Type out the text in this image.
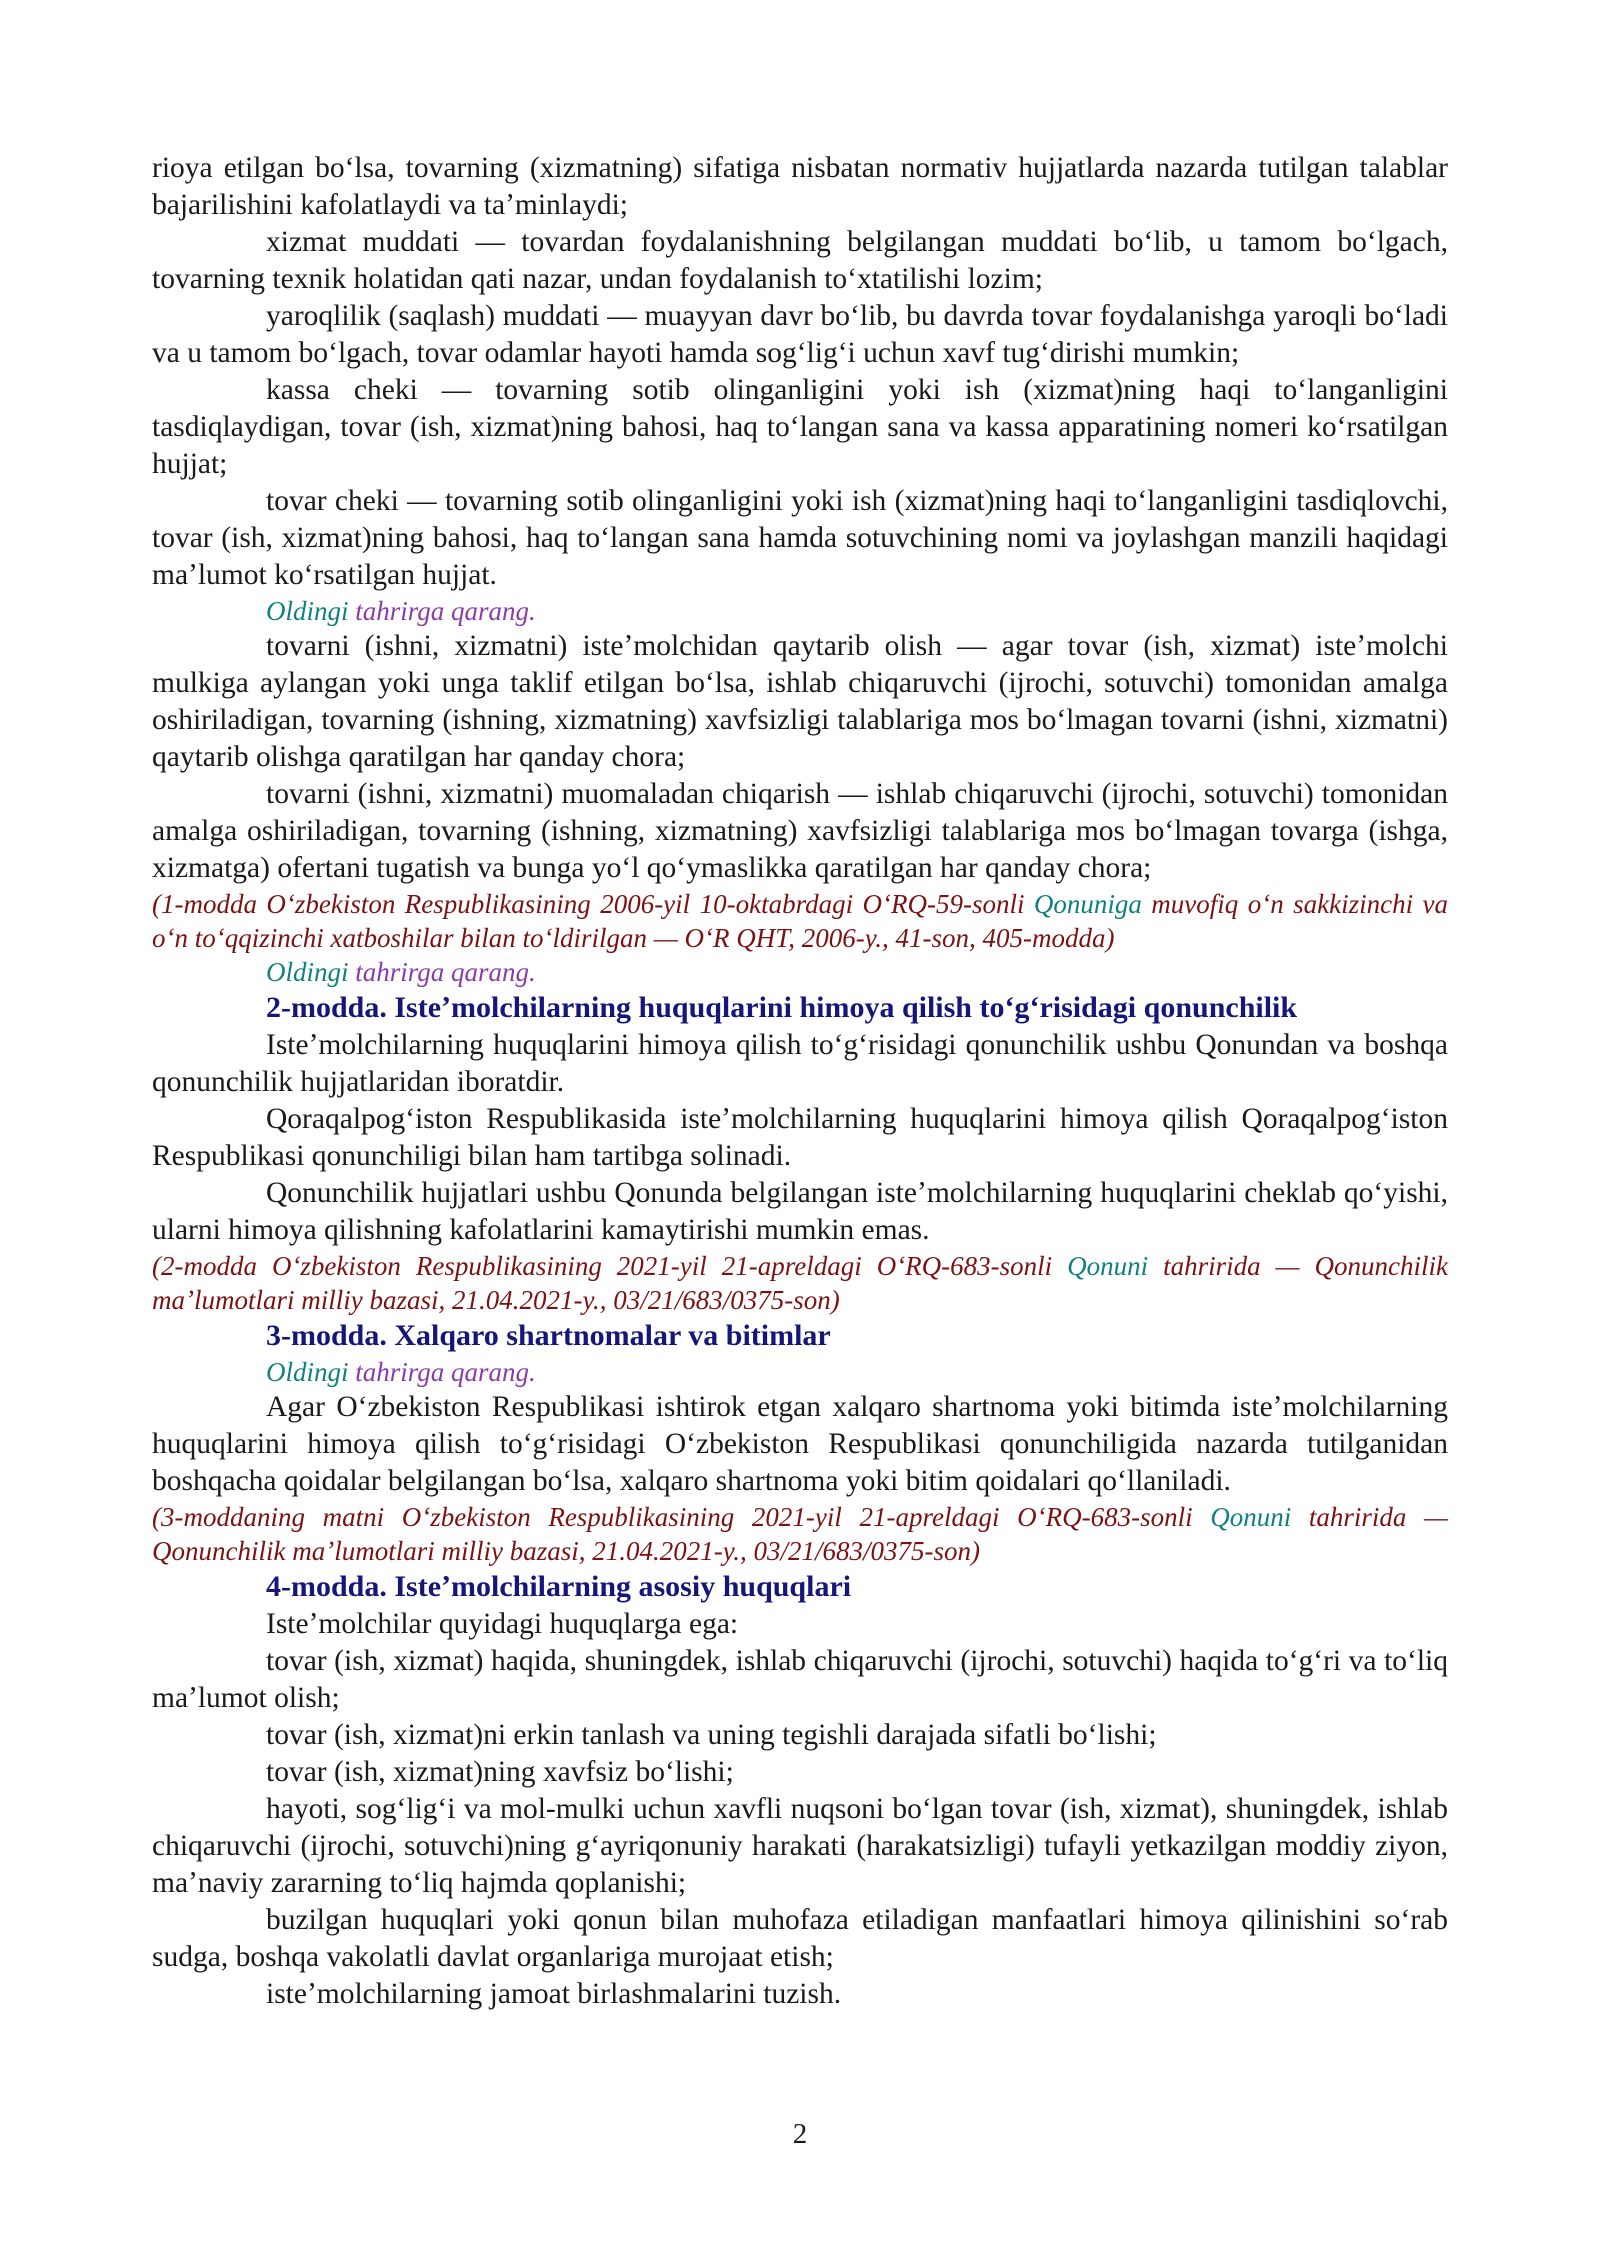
rioya etilgan boʻlsa, tovarning (xizmatning) sifatiga nisbatan normativ hujjatlarda nazarda tutilgan talablar bajarilishini kafolatlaydi va taʼminlaydi;

xizmat muddati — tovardan foydalanishning belgilangan muddati boʻlib, u tamom boʻlgach, tovarning texnik holatidan qati nazar, undan foydalanish toʻxtatilishi lozim;

yaroqlilik (saqlash) muddati — muayyan davr boʻlib, bu davrda tovar foydalanishga yaroqli boʻladi va u tamom boʻlgach, tovar odamlar hayoti hamda sogʻligʻi uchun xavf tugʻdirishi mumkin;

kassa cheki — tovarning sotib olinganligini yoki ish (xizmat)ning haqi toʻlanganligini tasdiqlaydigan, tovar (ish, xizmat)ning bahosi, haq toʻlangan sana va kassa apparatining nomeri koʻrsatilgan hujjat;

tovar cheki — tovarning sotib olinganligini yoki ish (xizmat)ning haqi toʻlanganligini tasdiqlovchi, tovar (ish, xizmat)ning bahosi, haq toʻlangan sana hamda sotuvchining nomi va joylashgan manzili haqidagi maʼlumot koʻrsatilgan hujjat.

Oldingi tahrirga qarang.

tovarni (ishni, xizmatni) isteʼmolchidan qaytarib olish — agar tovar (ish, xizmat) isteʼmolchi mulkiga aylangan yoki unga taklif etilgan boʻlsa, ishlab chiqaruvchi (ijrochi, sotuvchi) tomonidan amalga oshiriladigan, tovarning (ishning, xizmatning) xavfsizligi talablariga mos boʻlmagan tovarni (ishni, xizmatni) qaytarib olishga qaratilgan har qanday chora;

tovarni (ishni, xizmatni) muomaladan chiqarish — ishlab chiqaruvchi (ijrochi, sotuvchi) tomonidan amalga oshiriladigan, tovarning (ishning, xizmatning) xavfsizligi talablariga mos boʻlmagan tovarga (ishga, xizmatga) ofertani tugatish va bunga yoʻl qoʻymaslikka qaratilgan har qanday chora;

(1-modda Oʻzbekiston Respublikasining 2006-yil 10-oktabrdagi OʻRQ-59-sonli Qonuniga muvofiq oʻn sakkizinchi va oʻn toʻqqizinchi xatboshilar bilan toʻldirilgan — OʻR QHT, 2006-y., 41-son, 405-modda)

Oldingi tahrirga qarang.

2-modda. Isteʼmolchilarning huquqlarini himoya qilish toʻgʻrisidagi qonunchilik

Isteʼmolchilarning huquqlarini himoya qilish toʻgʻrisidagi qonunchilik ushbu Qonundan va boshqa qonunchilik hujjatlaridan iboratdir.

Qoraqalpogʻiston Respublikasida isteʼmolchilarning huquqlarini himoya qilish Qoraqalpogʻiston Respublikasi qonunchiligi bilan ham tartibga solinadi.

Qonunchilik hujjatlari ushbu Qonunda belgilangan isteʼmolchilarning huquqlarini cheklab qoʻyishi, ularni himoya qilishning kafolatlarini kamaytirishi mumkin emas.

(2-modda Oʻzbekiston Respublikasining 2021-yil 21-apreldagi OʻRQ-683-sonli Qonuni tahririda — Qonunchilik maʼlumotlari milliy bazasi, 21.04.2021-y., 03/21/683/0375-son)

3-modda. Xalqaro shartnomalar va bitimlar

Oldingi tahrirga qarang.

Agar Oʻzbekiston Respublikasi ishtirok etgan xalqaro shartnoma yoki bitimda isteʼmolchilarning huquqlarini himoya qilish toʻgʻrisidagi Oʻzbekiston Respublikasi qonunchiligida nazarda tutilganidan boshqacha qoidalar belgilangan boʻlsa, xalqaro shartnoma yoki bitim qoidalari qoʻllaniladi.

(3-moddaning matni Oʻzbekiston Respublikasining 2021-yil 21-apreldagi OʻRQ-683-sonli Qonuni tahririda — Qonunchilik maʼlumotlari milliy bazasi, 21.04.2021-y., 03/21/683/0375-son)

4-modda. Isteʼmolchilarning asosiy huquqlari

Isteʼmolchilar quyidagi huquqlarga ega:

tovar (ish, xizmat) haqida, shuningdek, ishlab chiqaruvchi (ijrochi, sotuvchi) haqida toʻgʻri va toʻliq maʼlumot olish;

tovar (ish, xizmat)ni erkin tanlash va uning tegishli darajada sifatli boʻlishi;

tovar (ish, xizmat)ning xavfsiz boʻlishi;

hayoti, sogʻligʻi va mol-mulki uchun xavfli nuqsoni boʻlgan tovar (ish, xizmat), shuningdek, ishlab chiqaruvchi (ijrochi, sotuvchi)ning gʻayriqonuniy harakati (harakatsizligi) tufayli yetkazilgan moddiy ziyon, maʼnaviy zararning toʻliq hajmda qoplanishi;

buzilgan huquqlari yoki qonun bilan muhofaza etiladigan manfaatlari himoya qilinishini soʻrab sudga, boshqa vakolatli davlat organlariga murojaat etish;

isteʼmolchilarning jamoat birlashmalarini tuzish.

2
